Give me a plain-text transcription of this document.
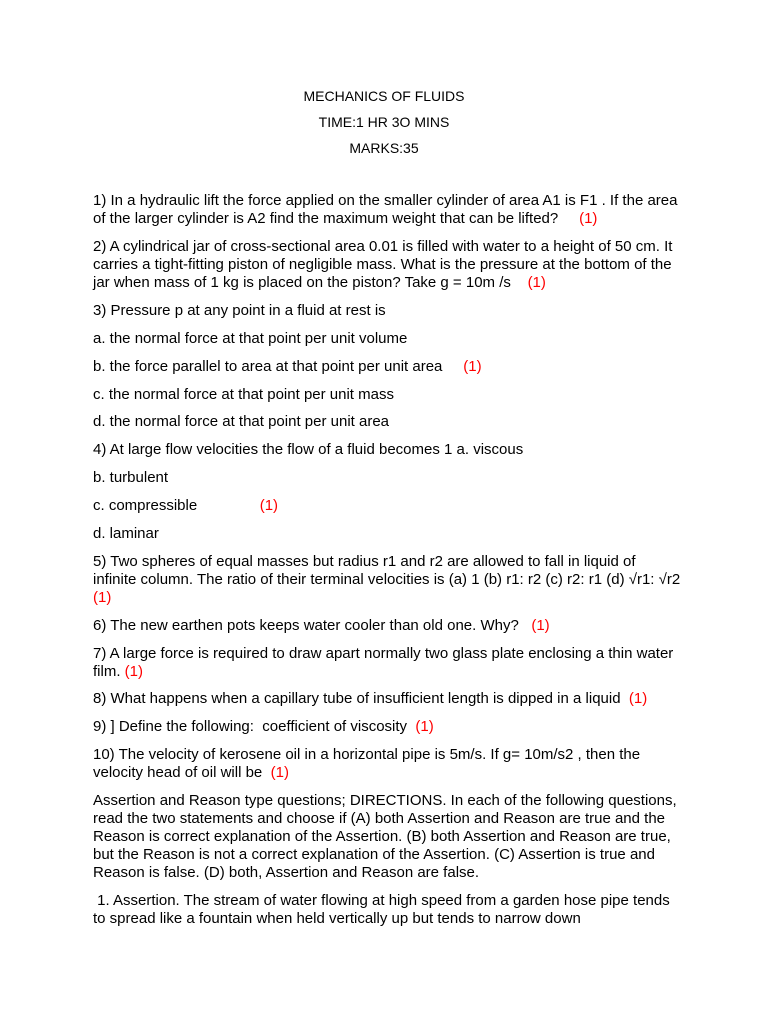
MECHANICS OF FLUIDS
TIME:1 HR 3O MINS
MARKS:35
1) In a hydraulic lift the force applied on the smaller cylinder of area A1 is F1 . If the area of the larger cylinder is A2 find the maximum weight that can be lifted? (1)
2) A cylindrical jar of cross-sectional area 0.01 is filled with water to a height of 50 cm. It carries a tight-fitting piston of negligible mass. What is the pressure at the bottom of the jar when mass of 1 kg is placed on the piston? Take g = 10m /s (1)
3) Pressure p at any point in a fluid at rest is
a. the normal force at that point per unit volume
b. the force parallel to area at that point per unit area (1)
c. the normal force at that point per unit mass
d. the normal force at that point per unit area
4) At large flow velocities the flow of a fluid becomes 1 a. viscous
b. turbulent
c. compressible	(1)
d. laminar
5) Two spheres of equal masses but radius r1 and r2 are allowed to fall in liquid of infinite column. The ratio of their terminal velocities is (a) 1 (b) r1: r2 (c) r2: r1 (d) √r1: √r2     (1)
6) The new earthen pots keeps water cooler than old one. Why? (1)
7) A large force is required to draw apart normally two glass plate enclosing a thin water film. (1)
8) What happens when a capillary tube of insufficient length is dipped in a liquid (1)
9) ] Define the following:  coefficient of viscosity (1)
10) The velocity of kerosene oil in a horizontal pipe is 5m/s. If g= 10m/s2 , then the velocity head of oil will be (1)
Assertion and Reason type questions; DIRECTIONS. In each of the following questions, read the two statements and choose if (A) both Assertion and Reason are true and the Reason is correct explanation of the Assertion. (B) both Assertion and Reason are true, but the Reason is not a correct explanation of the Assertion. (C) Assertion is true and Reason is false. (D) both, Assertion and Reason are false.
1. Assertion. The stream of water flowing at high speed from a garden hose pipe tends to spread like a fountain when held vertically up but tends to narrow down
